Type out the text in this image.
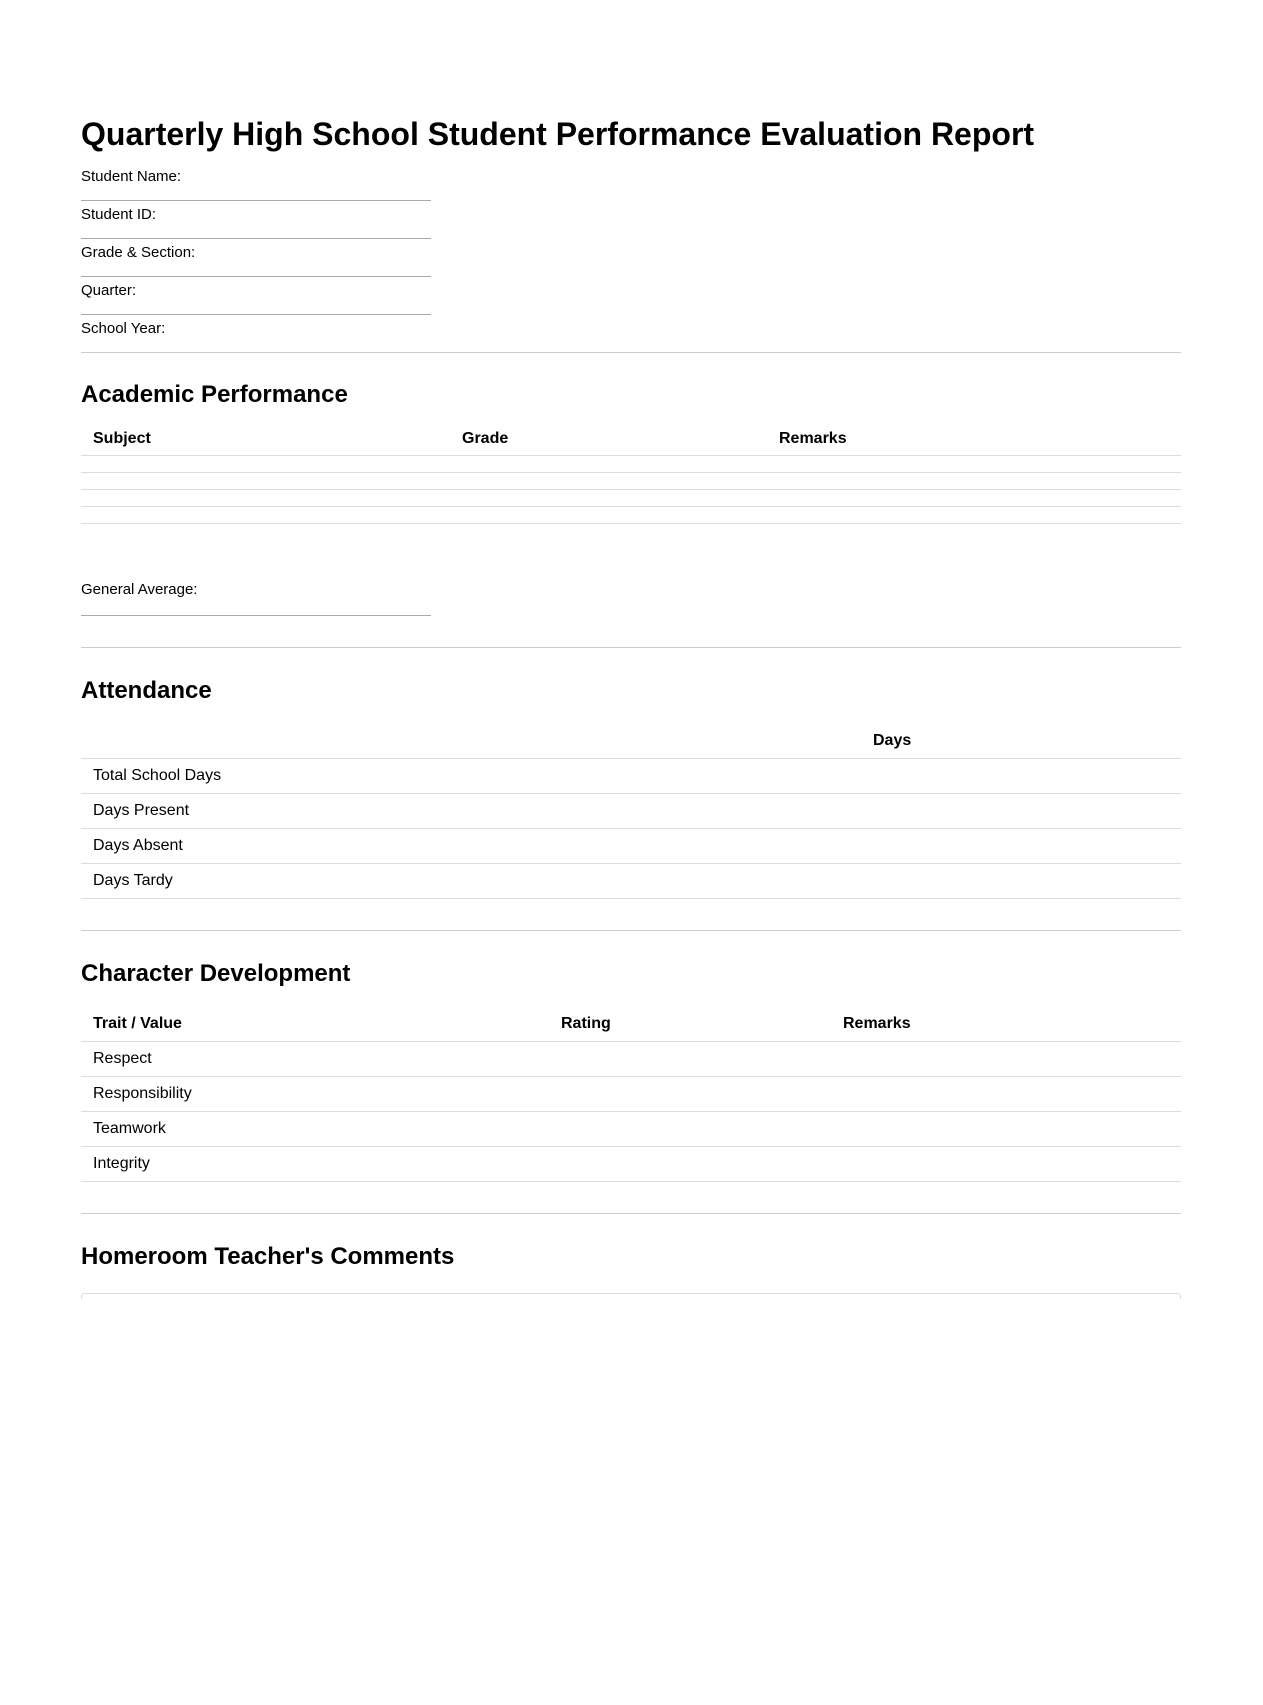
Quarterly High School Student Performance Evaluation Report
Student Name:
Student ID:
Grade & Section:
Quarter:
School Year:
Academic Performance
Subject	Grade	Remarks

General Average:
Attendance
	Days
Total School Days	
Days Present	
Days Absent	
Days Tardy	
Character Development
Trait / Value	Rating	Remarks
Respect		
Responsibility		
Teamwork		
Integrity		
Homeroom Teacher's Comments
